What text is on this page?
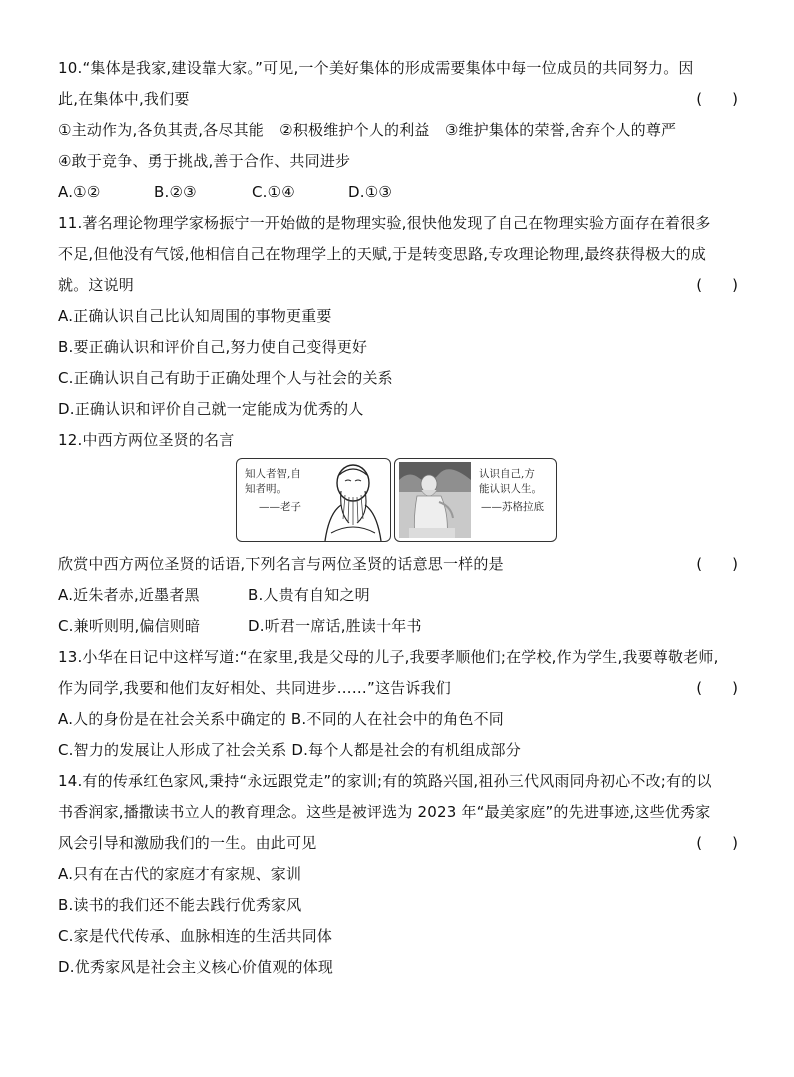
10.“集体是我家,建设靠大家。”可见,一个美好集体的形成需要集体中每一位成员的共同努力。因
此,在集体中,我们要	(　　)
①主动作为,各负其责,各尽其能　②积极维护个人的利益　③维护集体的荣誉,舍弃个人的尊严
④敢于竞争、勇于挑战,善于合作、共同进步
A.①②	B.②③	C.①④	D.①③
11.著名理论物理学家杨振宁一开始做的是物理实验,很快他发现了自己在物理实验方面存在着很多
不足,但他没有气馁,他相信自己在物理学上的天赋,于是转变思路,专攻理论物理,最终获得极大的成
就。这说明	(　　)
A.正确认识自己比认知周围的事物更重要
B.要正确认识和评价自己,努力使自己变得更好
C.正确认识自己有助于正确处理个人与社会的关系
D.正确认识和评价自己就一定能成为优秀的人
12.中西方两位圣贤的名言
知人者智,自
知者明。
——老子
认识自己,方
能认识人生。
——苏格拉底
欣赏中西方两位圣贤的话语,下列名言与两位圣贤的话意思一样的是	(　　)
A.近朱者赤,近墨者黑	B.人贵有自知之明
C.兼听则明,偏信则暗	D.听君一席话,胜读十年书
13.小华在日记中这样写道:“在家里,我是父母的儿子,我要孝顺他们;在学校,作为学生,我要尊敬老师,
作为同学,我要和他们友好相处、共同进步……”这告诉我们	(　　)
A.人的身份是在社会关系中确定的 B.不同的人在社会中的角色不同
C.智力的发展让人形成了社会关系 D.每个人都是社会的有机组成部分
14.有的传承红色家风,秉持“永远跟党走”的家训;有的筑路兴国,祖孙三代风雨同舟初心不改;有的以
书香润家,播撒读书立人的教育理念。这些是被评选为 2023 年“最美家庭”的先进事迹,这些优秀家
风会引导和激励我们的一生。由此可见	(　　)
A.只有在古代的家庭才有家规、家训
B.读书的我们还不能去践行优秀家风
C.家是代代传承、血脉相连的生活共同体
D.优秀家风是社会主义核心价值观的体现
